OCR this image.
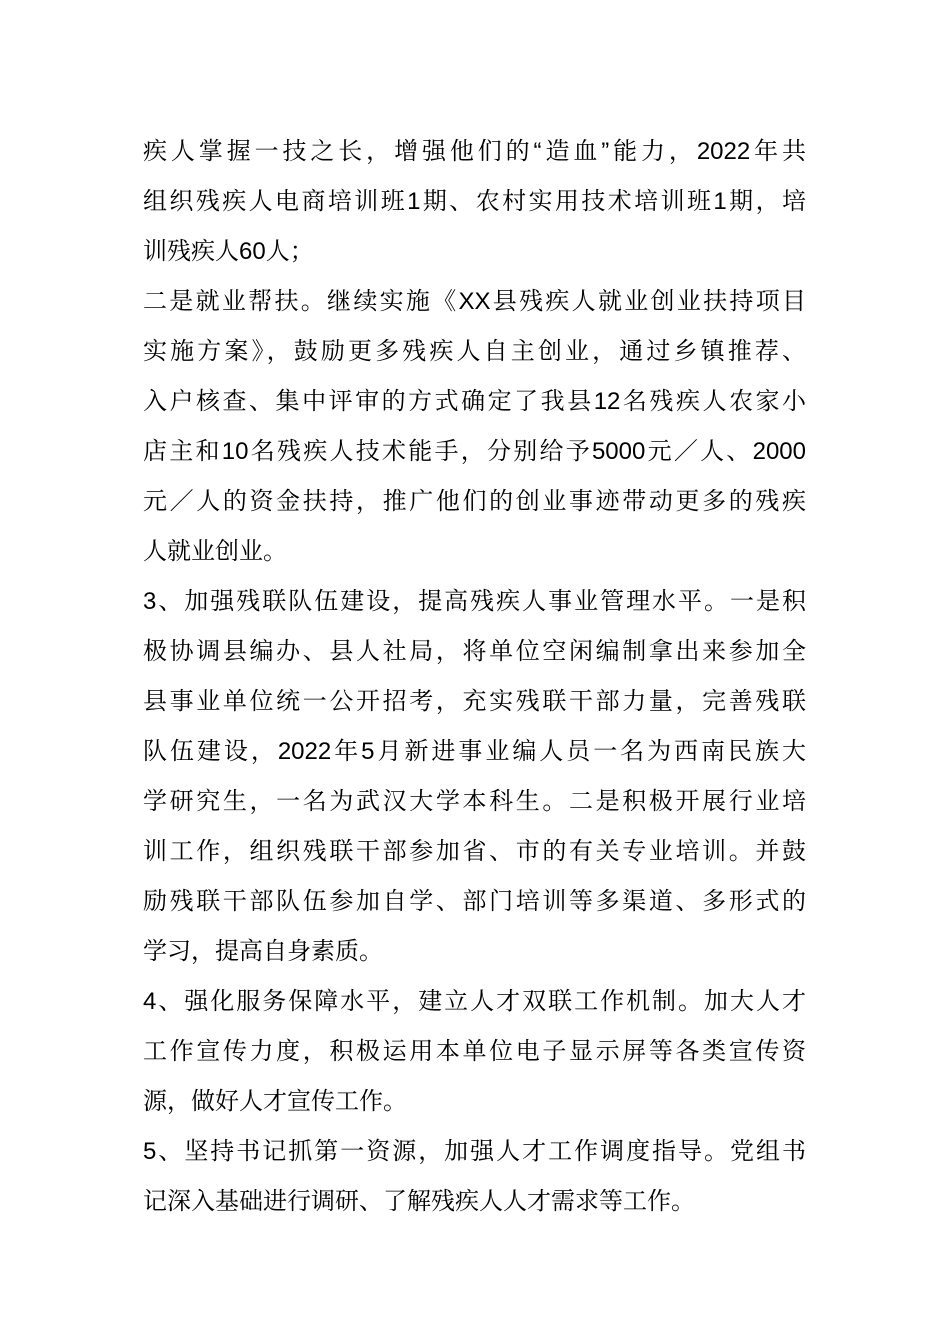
疾人掌握一技之长，增强他们的“造血”能力，2022年共
组织残疾人电商培训班1期、农村实用技术培训班1期，培
训残疾人60人；
二是就业帮扶。继续实施《XX县残疾人就业创业扶持项目
实施方案》，鼓励更多残疾人自主创业，通过乡镇推荐、
入户核查、集中评审的方式确定了我县12名残疾人农家小
店主和10名残疾人技术能手，分别给予5000元／人、2000
元／人的资金扶持，推广他们的创业事迹带动更多的残疾
人就业创业。
3、加强残联队伍建设，提高残疾人事业管理水平。一是积
极协调县编办、县人社局，将单位空闲编制拿出来参加全
县事业单位统一公开招考，充实残联干部力量，完善残联
队伍建设，2022年5月新进事业编人员一名为西南民族大
学研究生，一名为武汉大学本科生。二是积极开展行业培
训工作，组织残联干部参加省、市的有关专业培训。并鼓
励残联干部队伍参加自学、部门培训等多渠道、多形式的
学习，提高自身素质。
4、强化服务保障水平，建立人才双联工作机制。加大人才
工作宣传力度，积极运用本单位电子显示屏等各类宣传资
源，做好人才宣传工作。
5、坚持书记抓第一资源，加强人才工作调度指导。党组书
记深入基础进行调研、了解残疾人人才需求等工作。
